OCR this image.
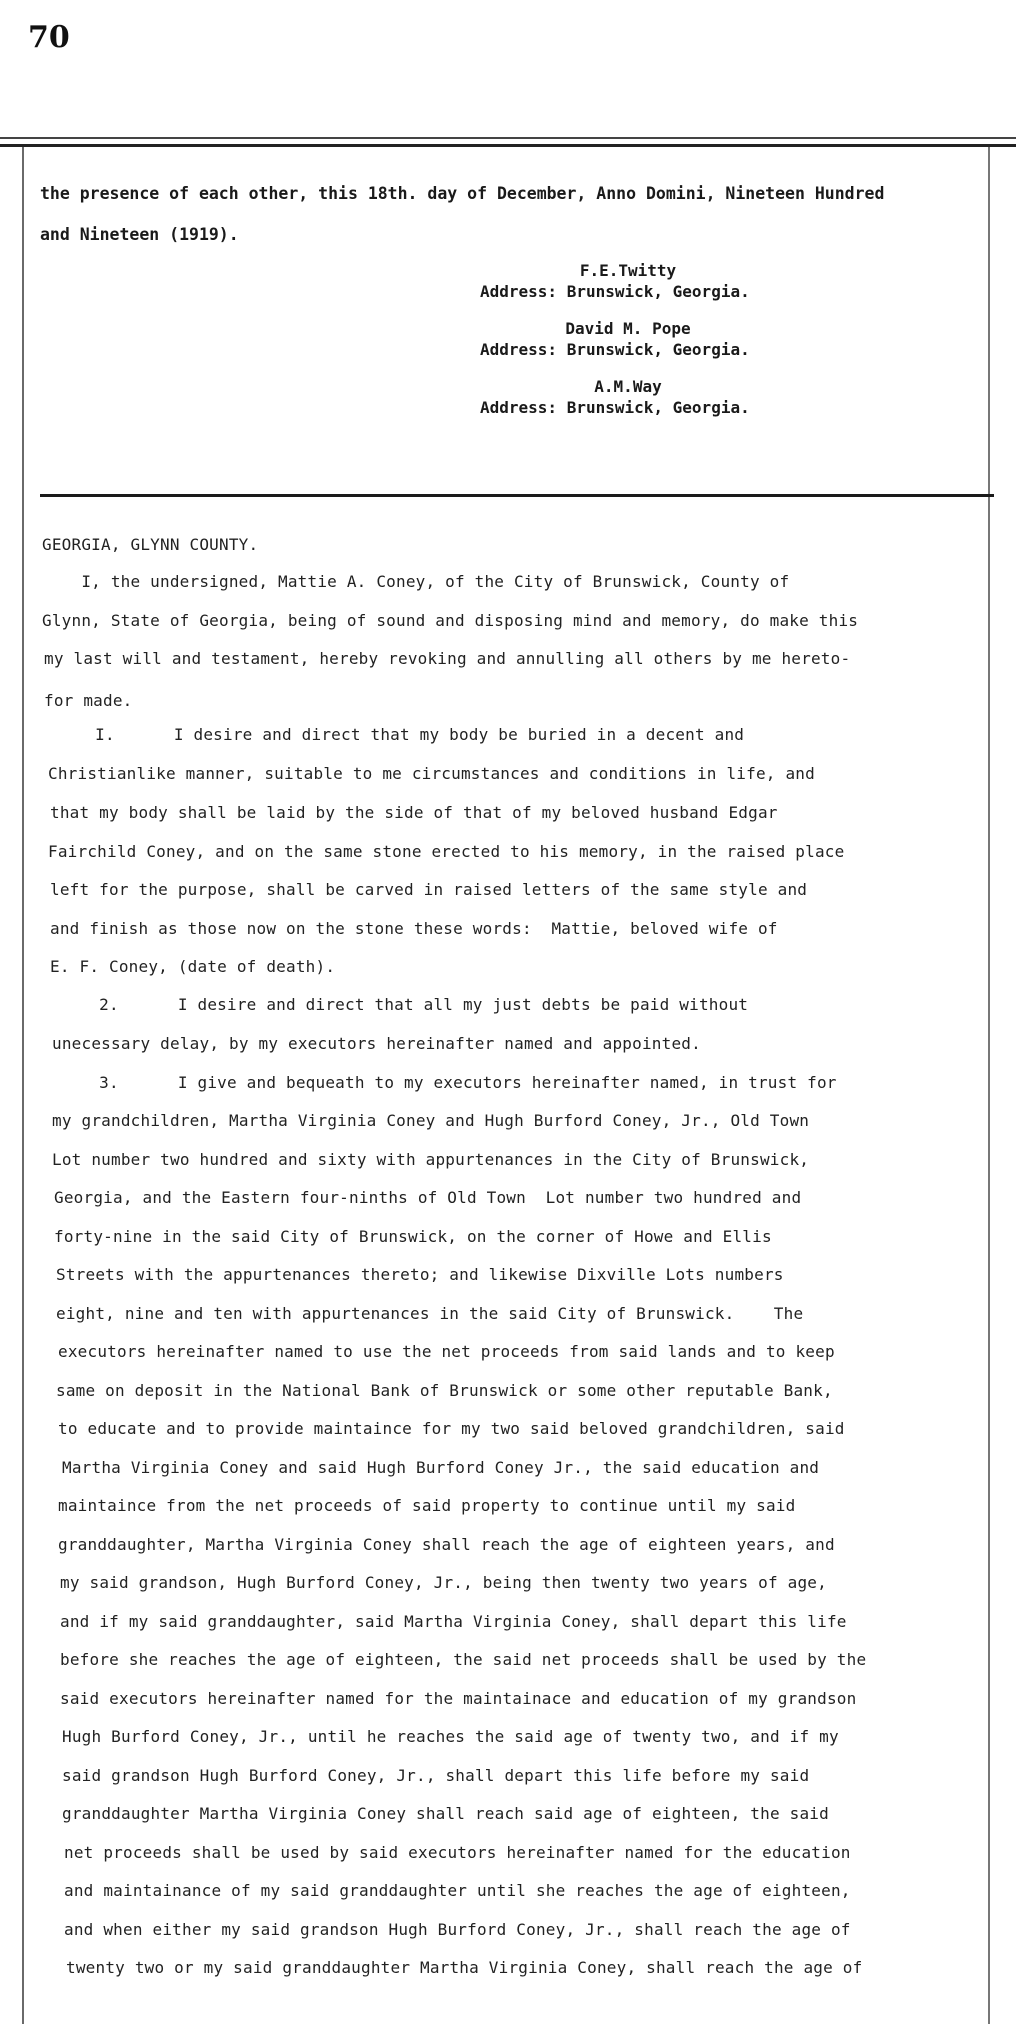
70
the presence of each other, this 18th. day of December, Anno Domini, Nineteen Hundred
and Nineteen (1919).
F.E.Twitty
Address: Brunswick, Georgia.
David M. Pope
Address: Brunswick, Georgia.
A.M.Way
Address: Brunswick, Georgia.
GEORGIA, GLYNN COUNTY.
I, the undersigned, Mattie A. Coney, of the City of Brunswick, County of
Glynn, State of Georgia, being of sound and disposing mind and memory, do make this
my last will and testament, hereby revoking and annulling all others by me hereto-
for made.
I.      I desire and direct that my body be buried in a decent and
Christianlike manner, suitable to me circumstances and conditions in life, and
that my body shall be laid by the side of that of my beloved husband Edgar
Fairchild Coney, and on the same stone erected to his memory, in the raised place
left for the purpose, shall be carved in raised letters of the same style and
and finish as those now on the stone these words:  Mattie, beloved wife of
E. F. Coney, (date of death).
2.      I desire and direct that all my just debts be paid without
unecessary delay, by my executors hereinafter named and appointed.
3.      I give and bequeath to my executors hereinafter named, in trust for
my grandchildren, Martha Virginia Coney and Hugh Burford Coney, Jr., Old Town
Lot number two hundred and sixty with appurtenances in the City of Brunswick,
Georgia, and the Eastern four-ninths of Old Town  Lot number two hundred and
forty-nine in the said City of Brunswick, on the corner of Howe and Ellis
Streets with the appurtenances thereto; and likewise Dixville Lots numbers
eight, nine and ten with appurtenances in the said City of Brunswick.    The
executors hereinafter named to use the net proceeds from said lands and to keep
same on deposit in the National Bank of Brunswick or some other reputable Bank,
to educate and to provide maintaince for my two said beloved grandchildren, said
Martha Virginia Coney and said Hugh Burford Coney Jr., the said education and
maintaince from the net proceeds of said property to continue until my said
granddaughter, Martha Virginia Coney shall reach the age of eighteen years, and
my said grandson, Hugh Burford Coney, Jr., being then twenty two years of age,
and if my said granddaughter, said Martha Virginia Coney, shall depart this life
before she reaches the age of eighteen, the said net proceeds shall be used by the
said executors hereinafter named for the maintainace and education of my grandson
Hugh Burford Coney, Jr., until he reaches the said age of twenty two, and if my
said grandson Hugh Burford Coney, Jr., shall depart this life before my said
granddaughter Martha Virginia Coney shall reach said age of eighteen, the said
net proceeds shall be used by said executors hereinafter named for the education
and maintainance of my said granddaughter until she reaches the age of eighteen,
and when either my said grandson Hugh Burford Coney, Jr., shall reach the age of
twenty two or my said granddaughter Martha Virginia Coney, shall reach the age of
